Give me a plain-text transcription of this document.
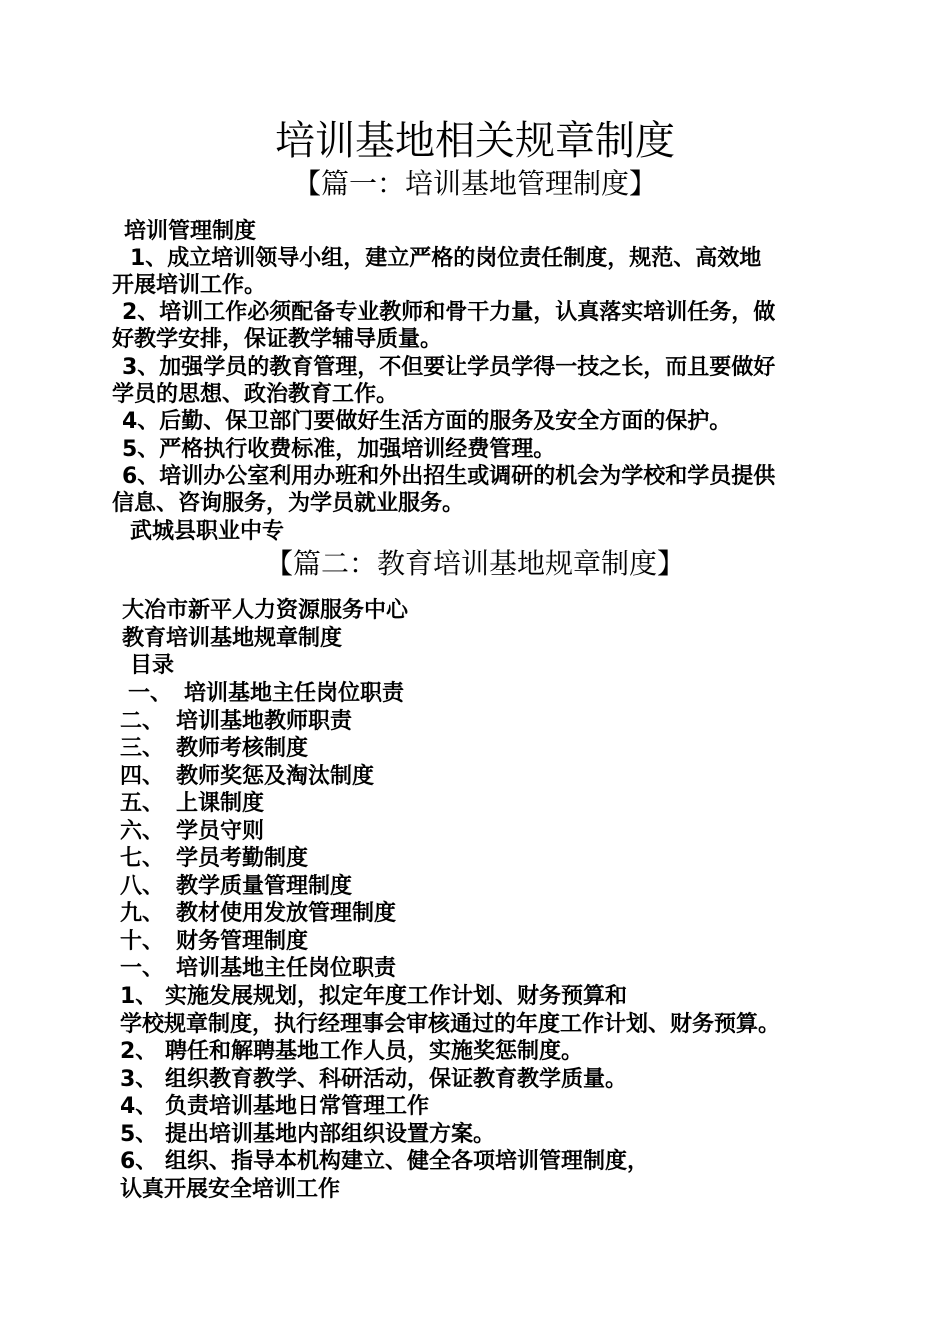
培训基地相关规章制度
【篇一：培训基地管理制度】
培训管理制度
1、成立培训领导小组，建立严格的岗位责任制度，规范、高效地
开展培训工作。
2、培训工作必须配备专业教师和骨干力量，认真落实培训任务，做
好教学安排，保证教学辅导质量。
3、加强学员的教育管理，不但要让学员学得一技之长，而且要做好
学员的思想、政治教育工作。
4、后勤、保卫部门要做好生活方面的服务及安全方面的保护。
5、严格执行收费标准，加强培训经费管理。
6、培训办公室利用办班和外出招生或调研的机会为学校和学员提供
信息、咨询服务，为学员就业服务。
武城县职业中专
【篇二：教育培训基地规章制度】
大冶市新平人力资源服务中心
教育培训基地规章制度
目录
一、 培训基地主任岗位职责
二、 培训基地教师职责
三、 教师考核制度
四、 教师奖惩及淘汰制度
五、 上课制度
六、 学员守则
七、 学员考勤制度
八、 教学质量管理制度
九、 教材使用发放管理制度
十、 财务管理制度
一、 培训基地主任岗位职责
1、 实施发展规划，拟定年度工作计划、财务预算和
学校规章制度，执行经理事会审核通过的年度工作计划、财务预算。
2、 聘任和解聘基地工作人员，实施奖惩制度。
3、 组织教育教学、科研活动，保证教育教学质量。
4、 负责培训基地日常管理工作
5、 提出培训基地内部组织设置方案。
6、 组织、指导本机构建立、健全各项培训管理制度，
认真开展安全培训工作
